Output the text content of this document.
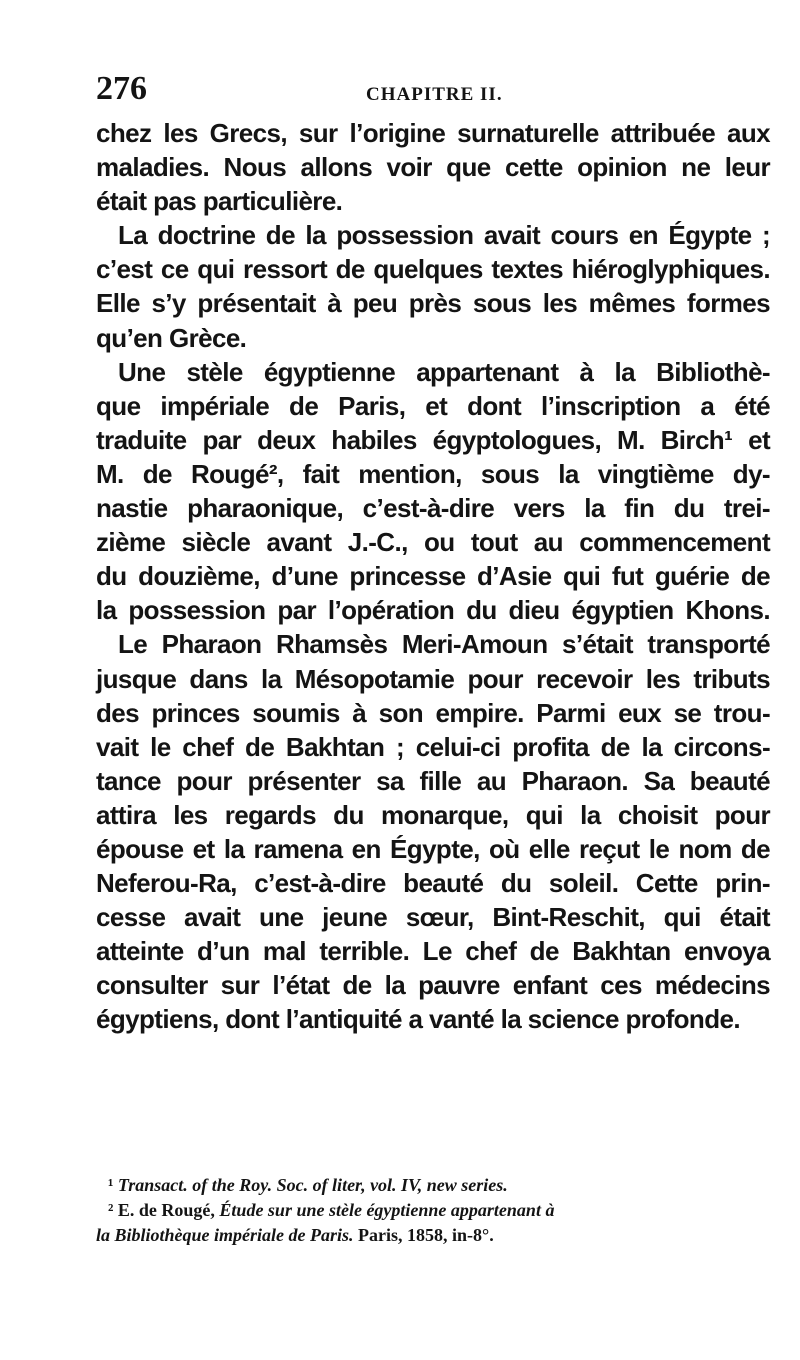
276	CHAPITRE II.
chez les Grecs, sur l’origine surnaturelle attribuée aux
maladies. Nous allons voir que cette opinion ne leur
était pas particulière.
La doctrine de la possession avait cours en Égypte ;
c’est ce qui ressort de quelques textes hiéroglyphiques.
Elle s’y présentait à peu près sous les mêmes formes
qu’en Grèce.
Une stèle égyptienne appartenant à la Bibliothè-
que impériale de Paris, et dont l’inscription a été
traduite par deux habiles égyptologues, M. Birch¹ et
M. de Rougé², fait mention, sous la vingtième dy-
nastie pharaonique, c’est-à-dire vers la fin du trei-
zième siècle avant J.-C., ou tout au commencement
du douzième, d’une princesse d’Asie qui fut guérie de
la possession par l’opération du dieu égyptien Khons.
Le Pharaon Rhamsès Meri-Amoun s’était transporté
jusque dans la Mésopotamie pour recevoir les tributs
des princes soumis à son empire. Parmi eux se trou-
vait le chef de Bakhtan ; celui-ci profita de la circons-
tance pour présenter sa fille au Pharaon. Sa beauté
attira les regards du monarque, qui la choisit pour
épouse et la ramena en Égypte, où elle reçut le nom de
Neferou-Ra, c’est-à-dire beauté du soleil. Cette prin-
cesse avait une jeune sœur, Bint-Reschit, qui était
atteinte d’un mal terrible. Le chef de Bakhtan envoya
consulter sur l’état de la pauvre enfant ces médecins
égyptiens, dont l’antiquité a vanté la science profonde.
¹ Transact. of the Roy. Soc. of liter, vol. IV, new series.
² E. de Rougé, Étude sur une stèle égyptienne appartenant à
la Bibliothèque impériale de Paris. Paris, 1858, in-8°.
